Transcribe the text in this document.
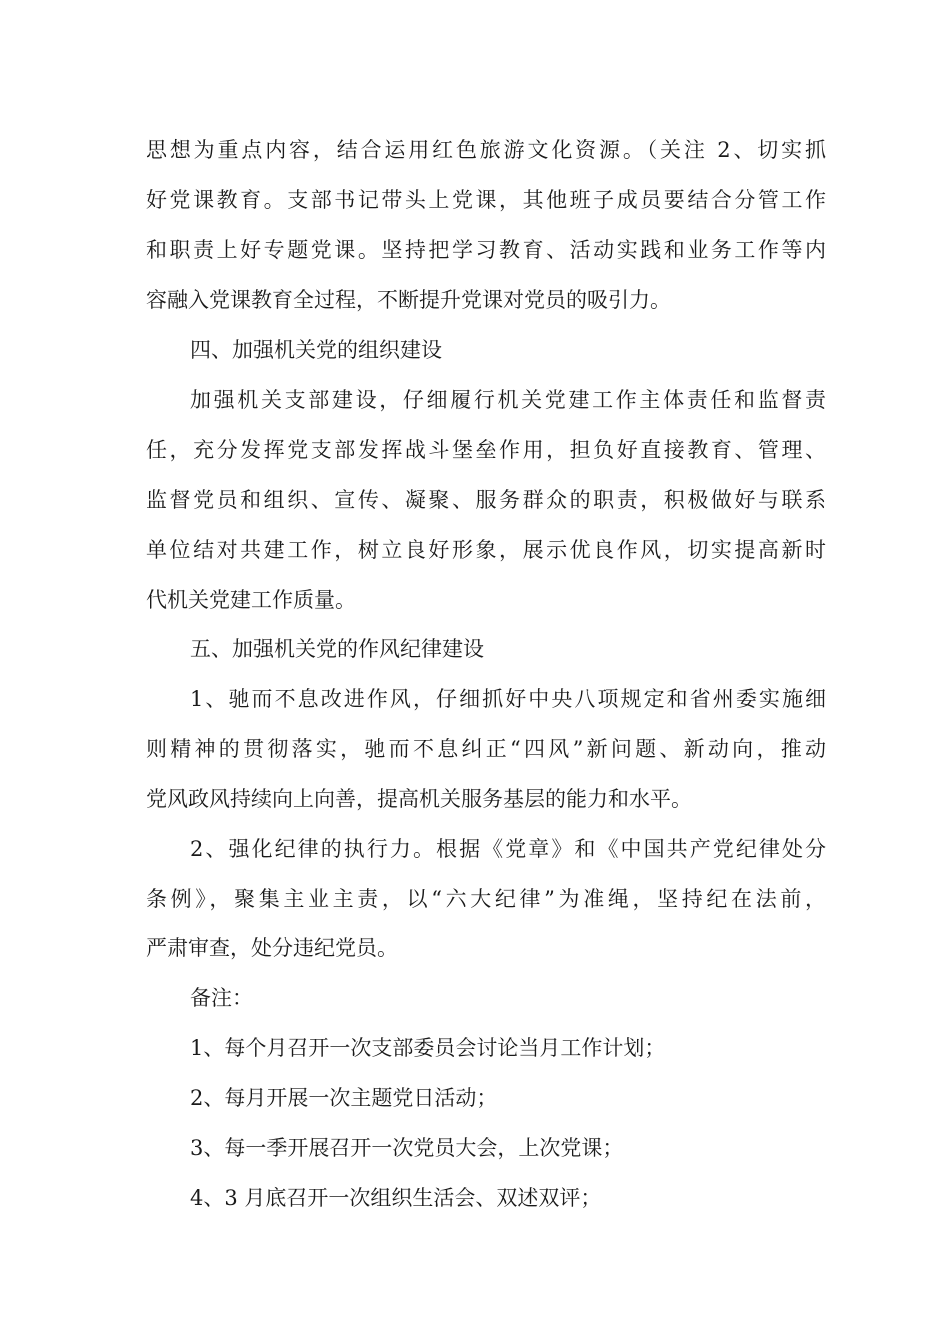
思想为重点内容，结合运用红色旅游文化资源。（关注 2、切实抓
好党课教育。支部书记带头上党课，其他班子成员要结合分管工作
和职责上好专题党课。坚持把学习教育、活动实践和业务工作等内
容融入党课教育全过程，不断提升党课对党员的吸引力。
四、加强机关党的组织建设
加强机关支部建设，仔细履行机关党建工作主体责任和监督责
任，充分发挥党支部发挥战斗堡垒作用，担负好直接教育、管理、
监督党员和组织、宣传、凝聚、服务群众的职责，积极做好与联系
单位结对共建工作，树立良好形象，展示优良作风，切实提高新时
代机关党建工作质量。
五、加强机关党的作风纪律建设
1、驰而不息改进作风，仔细抓好中央八项规定和省州委实施细
则精神的贯彻落实，驰而不息纠正“四风”新问题、新动向，推动
党风政风持续向上向善，提高机关服务基层的能力和水平。
2、强化纪律的执行力。根据《党章》和《中国共产党纪律处分
条例》，聚集主业主责，以“六大纪律”为准绳，坚持纪在法前，
严肃审查，处分违纪党员。
备注：
1、每个月召开一次支部委员会讨论当月工作计划；
2、每月开展一次主题党日活动；
3、每一季开展召开一次党员大会，上次党课；
4、3 月底召开一次组织生活会、双述双评；
